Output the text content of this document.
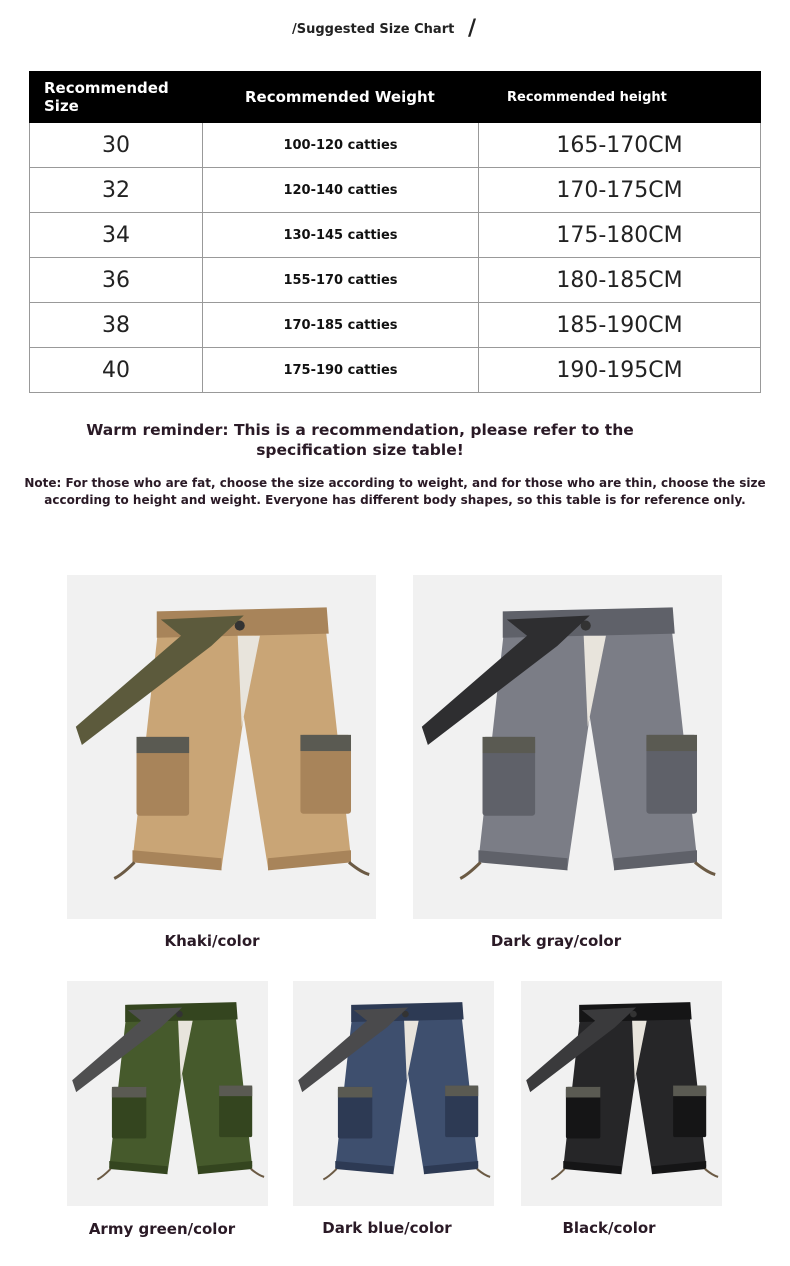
/Suggested Size Chart /
Recommended Size	Recommended Weight	Recommended height
30	100-120 catties	165-170CM
32	120-140 catties	170-175CM
34	130-145 catties	175-180CM
36	155-170 catties	180-185CM
38	170-185 catties	185-190CM
40	175-190 catties	190-195CM
Warm reminder: This is a recommendation, please refer to the specification size table!
Note: For those who are fat, choose the size according to weight, and for those who are thin, choose the size according to height and weight. Everyone has different body shapes, so this table is for reference only.
Khaki/color	Dark gray/color
Army green/color	Dark blue/color	Black/color
